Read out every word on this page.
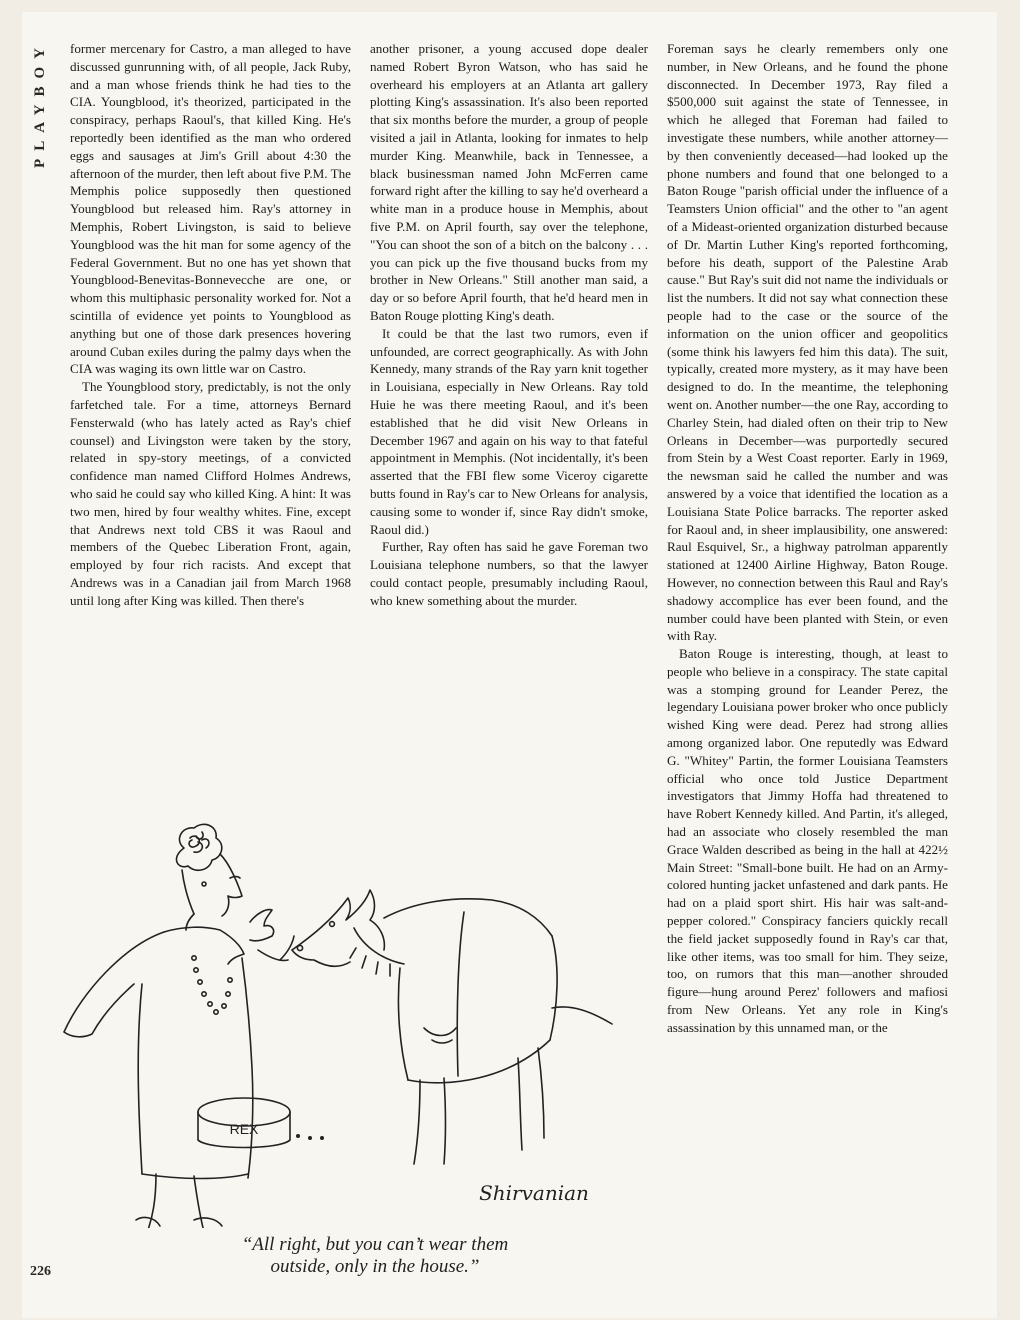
PLAYBOY former mercenary for Castro, a man alleged to have discussed gunrunning with, of all people, Jack Ruby, and a man whose friends think he had ties to the CIA. Youngblood, it's theorized, participated in the conspiracy, perhaps Raoul's, that killed King. He's reportedly been identified as the man who ordered eggs and sausages at Jim's Grill about 4:30 the afternoon of the murder, then left about five P.M. The Memphis police supposedly then questioned Youngblood but released him. Ray's attorney in Memphis, Robert Livingston, is said to believe Youngblood was the hit man for some agency of the Federal Government. But no one has yet shown that Youngblood-Benevitas-Bonnevecche are one, or whom this multiphasic personality worked for. Not a scintilla of evidence yet points to Youngblood as anything but one of those dark presences hovering around Cuban exiles during the palmy days when the CIA was waging its own little war on Castro.

The Youngblood story, predictably, is not the only farfetched tale. For a time, attorneys Bernard Fensterwald (who has lately acted as Ray's chief counsel) and Livingston were taken by the story, related in spy-story meetings, of a convicted confidence man named Clifford Holmes Andrews, who said he could say who killed King. A hint: It was two men, hired by four wealthy whites. Fine, except that Andrews next told CBS it was Raoul and members of the Quebec Liberation Front, again, employed by four rich racists. And except that Andrews was in a Canadian jail from March 1968 until long after King was killed. Then there's

another prisoner, a young accused dope dealer named Robert Byron Watson, who has said he overheard his employers at an Atlanta art gallery plotting King's assassination. It's also been reported that six months before the murder, a group of people visited a jail in Atlanta, looking for inmates to help murder King. Meanwhile, back in Tennessee, a black businessman named John McFerren came forward right after the killing to say he'd overheard a white man in a produce house in Memphis, about five P.M. on April fourth, say over the telephone, "You can shoot the son of a bitch on the balcony . . . you can pick up the five thousand bucks from my brother in New Orleans." Still another man said, a day or so before April fourth, that he'd heard men in Baton Rouge plotting King's death.

It could be that the last two rumors, even if unfounded, are correct geographically. As with John Kennedy, many strands of the Ray yarn knit together in Louisiana, especially in New Orleans. Ray told Huie he was there meeting Raoul, and it's been established that he did visit New Orleans in December 1967 and again on his way to that fateful appointment in Memphis. (Not incidentally, it's been asserted that the FBI flew some Viceroy cigarette butts found in Ray's car to New Orleans for analysis, causing some to wonder if, since Ray didn't smoke, Raoul did.)

Further, Ray often has said he gave Foreman two Louisiana telephone numbers, so that the lawyer could contact people, presumably including Raoul, who knew something about the murder.

Foreman says he clearly remembers only one number, in New Orleans, and he found the phone disconnected. In December 1973, Ray filed a $500,000 suit against the state of Tennessee, in which he alleged that Foreman had failed to investigate these numbers, while another attorney—by then conveniently deceased—had looked up the phone numbers and found that one belonged to a Baton Rouge "parish official under the influence of a Teamsters Union official" and the other to "an agent of a Mideast-oriented organization disturbed because of Dr. Martin Luther King's reported forthcoming, before his death, support of the Palestine Arab cause." But Ray's suit did not name the individuals or list the numbers. It did not say what connection these people had to the case or the source of the information on the union officer and geopolitics (some think his lawyers fed him this data). The suit, typically, created more mystery, as it may have been designed to do. In the meantime, the telephoning went on. Another number—the one Ray, according to Charley Stein, had dialed often on their trip to New Orleans in December—was purportedly secured from Stein by a West Coast reporter. Early in 1969, the newsman said he called the number and was answered by a voice that identified the location as a Louisiana State Police barracks. The reporter asked for Raoul and, in sheer implausibility, one answered: Raul Esquivel, Sr., a highway patrolman apparently stationed at 12400 Airline Highway, Baton Rouge. However, no connection between this Raul and Ray's shadowy accomplice has ever been found, and the number could have been planted with Stein, or even with Ray.

Baton Rouge is interesting, though, at least to people who believe in a conspiracy. The state capital was a stomping ground for Leander Perez, the legendary Louisiana power broker who once publicly wished King were dead. Perez had strong allies among organized labor. One reputedly was Edward G. "Whitey" Partin, the former Louisiana Teamsters official who once told Justice Department investigators that Jimmy Hoffa had threatened to have Robert Kennedy killed. And Partin, it's alleged, had an associate who closely resembled the man Grace Walden described as being in the hall at 422½ Main Street: "Small-bone built. He had on an Army-colored hunting jacket unfastened and dark pants. He had on a plaid sport shirt. His hair was salt-and-pepper colored." Conspiracy fanciers quickly recall the field jacket supposedly found in Ray's car that, like other items, was too small for him. They seize, too, on rumors that this man—another shrouded figure—hung around Perez' followers and mafiosi from New Orleans. Yet any role in King's assassination by this unnamed man, or the

REX
Shirvanian
“All right, but you can’t wear them
outside, only in the house.”
226
